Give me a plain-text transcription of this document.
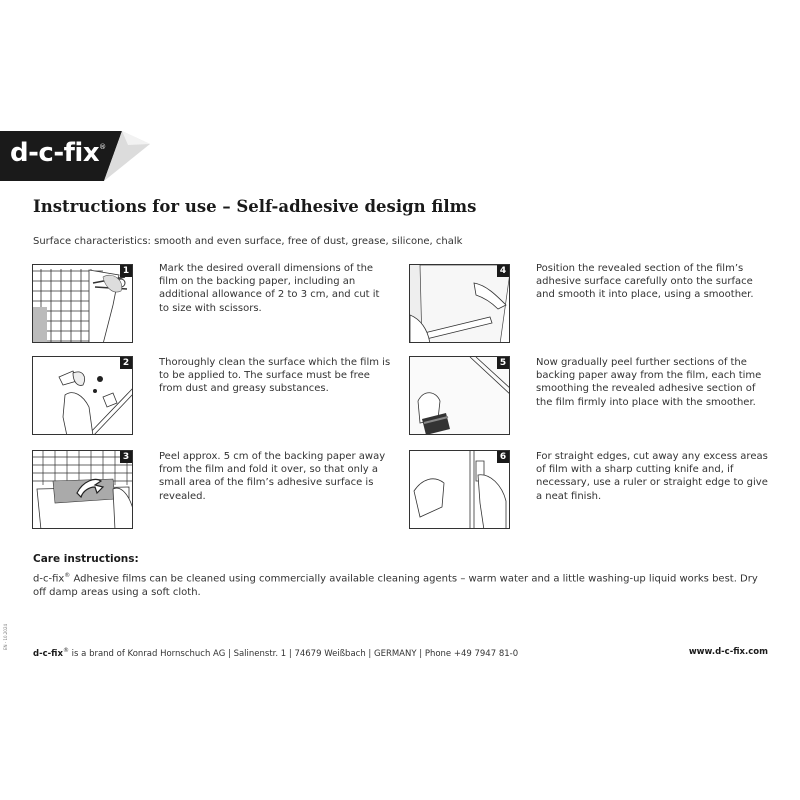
d-c-fix®
Instructions for use – Self-adhesive design films
Surface characteristics: smooth and even surface, free of dust, grease, silicone, chalk
1	Mark the desired overall dimensions of the film on the backing paper, including an additional allowance of 2 to 3 cm, and cut it to size with scissors.
2	Thoroughly clean the surface which the film is to be applied to. The surface must be free from dust and greasy substances.
3	Peel approx. 5 cm of the backing paper away from the film and fold it over, so that only a small area of the film’s adhesive surface is revealed.
4	Position the revealed section of the film’s adhesive surface carefully onto the surface and smooth it into place, using a smoother.
5	Now gradually peel further sections of the backing paper away from the film, each time smoothing the revealed adhesive section of the film firmly into place with the smoother.
6	For straight edges, cut away any excess areas of film with a sharp cutting knife and, if necessary, use a ruler or straight edge to give a neat finish.
Care instructions:
d-c-fix® Adhesive films can be cleaned using commercially available cleaning agents – warm water and a little washing-up liquid works best. Dry off damp areas using a soft cloth.
EN - 10.2024
d-c-fix® is a brand of Konrad Hornschuch AG | Salinenstr. 1 | 74679 Weißbach | GERMANY | Phone +49 7947 81-0	www.d-c-fix.com
